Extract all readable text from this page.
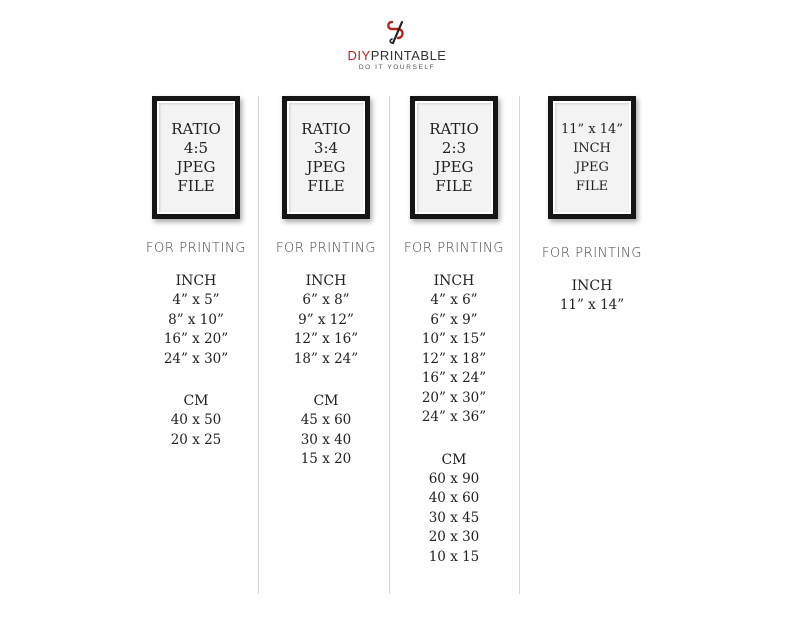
DIYPRINTABLE
DO IT YOURSELF
RATIO
4:5
JPEG
FILE
FOR PRINTING
INCH
4” x 5”
8” x 10”
16” x 20”
24” x 30”
CM
40 x 50
20 x 25
RATIO
3:4
JPEG
FILE
FOR PRINTING
INCH
6” x 8”
9” x 12”
12” x 16”
18” x 24”
CM
45 x 60
30 x 40
15 x 20
RATIO
2:3
JPEG
FILE
FOR PRINTING
INCH
4” x 6”
6” x 9”
10” x 15”
12” x 18”
16” x 24”
20” x 30”
24” x 36”
CM
60 x 90
40 x 60
30 x 45
20 x 30
10 x 15
11” x 14”
INCH
JPEG
FILE
FOR PRINTING
INCH
11” x 14”
